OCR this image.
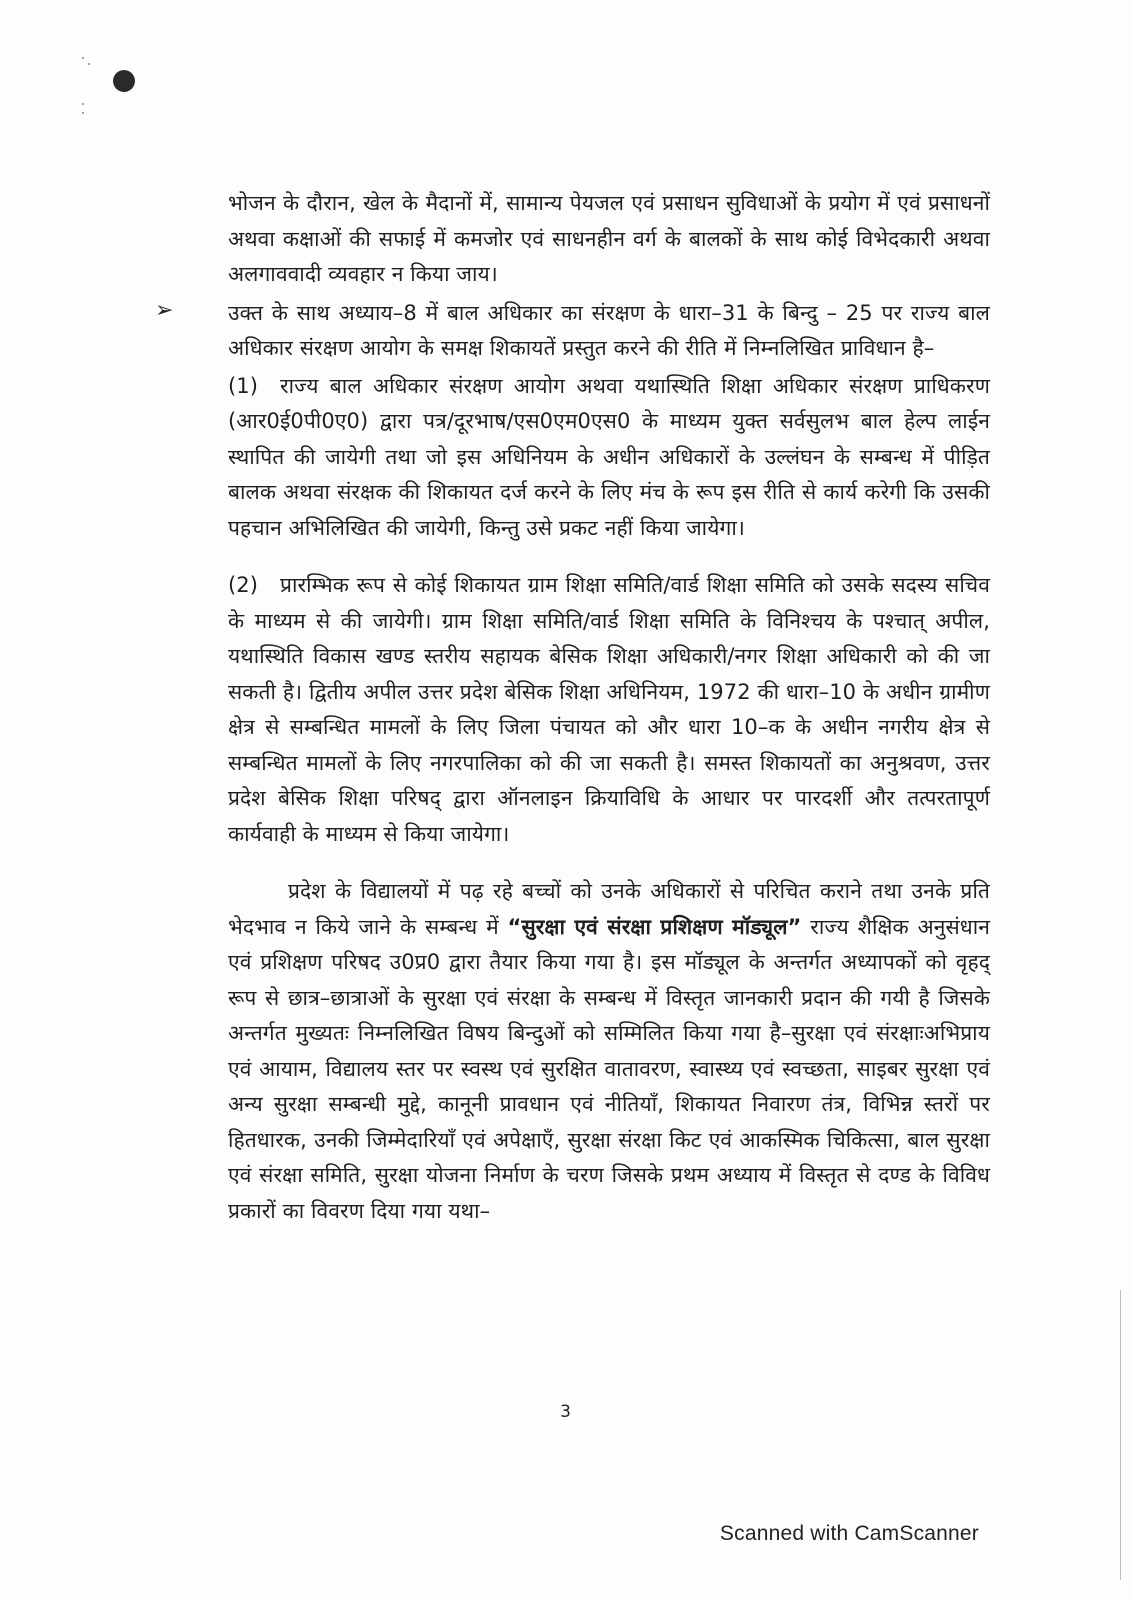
➢

भोजन के दौरान, खेल के मैदानों में, सामान्य पेयजल एवं प्रसाधन सुविधाओं के प्रयोग में एवं प्रसाधनों अथवा कक्षाओं की सफाई में कमजोर एवं साधनहीन वर्ग के बालकों के साथ कोई विभेदकारी अथवा अलगाववादी व्यवहार न किया जाय।

उक्त के साथ अध्याय–8 में बाल अधिकार का संरक्षण के धारा–31 के बिन्दु – 25 पर राज्य बाल अधिकार संरक्षण आयोग के समक्ष शिकायतें प्रस्तुत करने की रीति में निम्नलिखित प्राविधान है–

(1) राज्य बाल अधिकार संरक्षण आयोग अथवा यथास्थिति शिक्षा अधिकार संरक्षण प्राधिकरण (आर0ई0पी0ए0) द्वारा पत्र/दूरभाष/एस0एम0एस0 के माध्यम युक्त सर्वसुलभ बाल हेल्प लाईन स्थापित की जायेगी तथा जो इस अधिनियम के अधीन अधिकारों के उल्लंघन के सम्बन्ध में पीड़ित बालक अथवा संरक्षक की शिकायत दर्ज करने के लिए मंच के रूप इस रीति से कार्य करेगी कि उसकी पहचान अभिलिखित की जायेगी, किन्तु उसे प्रकट नहीं किया जायेगा।

(2) प्रारम्भिक रूप से कोई शिकायत ग्राम शिक्षा समिति/वार्ड शिक्षा समिति को उसके सदस्य सचिव के माध्यम से की जायेगी। ग्राम शिक्षा समिति/वार्ड शिक्षा समिति के विनिश्चय के पश्चात् अपील, यथास्थिति विकास खण्ड स्तरीय सहायक बेसिक शिक्षा अधिकारी/नगर शिक्षा अधिकारी को की जा सकती है। द्वितीय अपील उत्तर प्रदेश बेसिक शिक्षा अधिनियम, 1972 की धारा–10 के अधीन ग्रामीण क्षेत्र से सम्बन्धित मामलों के लिए जिला पंचायत को और धारा 10–क के अधीन नगरीय क्षेत्र से सम्बन्धित मामलों के लिए नगरपालिका को की जा सकती है। समस्त शिकायतों का अनुश्रवण, उत्तर प्रदेश बेसिक शिक्षा परिषद् द्वारा ऑनलाइन क्रियाविधि के आधार पर पारदर्शी और तत्परतापूर्ण कार्यवाही के माध्यम से किया जायेगा।

प्रदेश के विद्यालयों में पढ़ रहे बच्चों को उनके अधिकारों से परिचित कराने तथा उनके प्रति भेदभाव न किये जाने के सम्बन्ध में “सुरक्षा एवं संरक्षा प्रशिक्षण मॉड्यूल” राज्य शैक्षिक अनुसंधान एवं प्रशिक्षण परिषद उ0प्र0 द्वारा तैयार किया गया है। इस मॉड्यूल के अन्तर्गत अध्यापकों को वृहद् रूप से छात्र–छात्राओं के सुरक्षा एवं संरक्षा के सम्बन्ध में विस्तृत जानकारी प्रदान की गयी है जिसके अन्तर्गत मुख्यतः निम्नलिखित विषय बिन्दुओं को सम्मिलित किया गया है–सुरक्षा एवं संरक्षाःअभिप्राय एवं आयाम, विद्यालय स्तर पर स्वस्थ एवं सुरक्षित वातावरण, स्वास्थ्य एवं स्वच्छता, साइबर सुरक्षा एवं अन्य सुरक्षा सम्बन्धी मुद्दे, कानूनी प्रावधान एवं नीतियाँ, शिकायत निवारण तंत्र, विभिन्न स्तरों पर हितधारक, उनकी जिम्मेदारियाँ एवं अपेक्षाएँ, सुरक्षा संरक्षा किट एवं आकस्मिक चिकित्सा, बाल सुरक्षा एवं संरक्षा समिति, सुरक्षा योजना निर्माण के चरण जिसके प्रथम अध्याय में विस्तृत से दण्ड के विविध प्रकारों का विवरण दिया गया यथा–

3
Scanned with CamScanner
